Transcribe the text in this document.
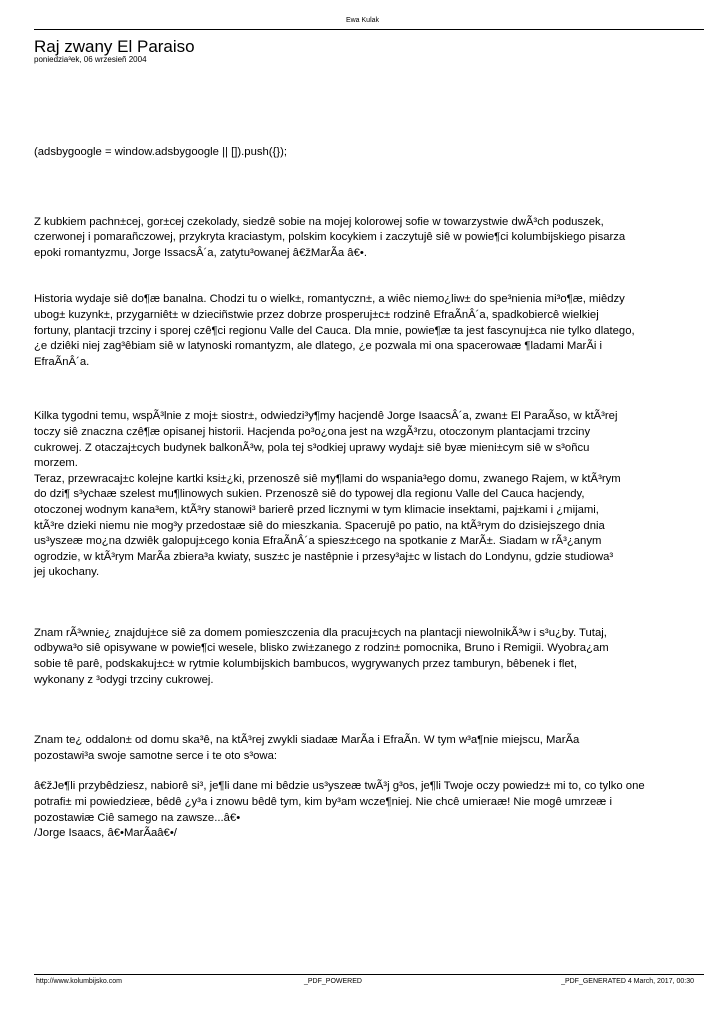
Ewa Kulak
Raj zwany El Paraiso
poniedzia³ek, 06 wrzesieñ 2004

(adsbygoogle = window.adsbygoogle || []).push({});

Z kubkiem pachn±cej, gor±cej czekolady, siedzê sobie na mojej kolorowej sofie w towarzystwie dwÃ³ch poduszek,
czerwonej i pomarañczowej, przykryta kraciastym, polskim kocykiem i zaczytujê siê w powie¶ci kolumbijskiego pisarza
epoki romantyzmu, Jorge IssacsÂ´a, zatytu³owanej â€žMarÃa â€•.

Historia wydaje siê do¶æ banalna. Chodzi tu o wielk±, romantyczn±, a wiêc niemo¿liw± do spe³nienia mi³o¶æ, miêdzy
ubog± kuzynk±, przygarniêt± w dzieciñstwie przez dobrze prosperuj±c± rodzinê EfraÃnÂ´a, spadkobiercê wielkiej
fortuny, plantacji trzciny i sporej czê¶ci regionu Valle del Cauca. Dla mnie, powie¶æ ta jest fascynuj±ca nie tylko dlatego,
¿e dziêki niej zag³êbiam siê w latynoski romantyzm, ale dlatego, ¿e pozwala mi ona spacerowaæ ¶ladami MarÃi i
EfraÃnÂ´a.

Kilka tygodni temu, wspÃ³lnie z moj± siostr±, odwiedzi³y¶my hacjendê Jorge IsaacsÂ´a, zwan± El ParaÃso, w ktÃ³rej
toczy siê znaczna czê¶æ opisanej historii. Hacjenda po³o¿ona jest na wzgÃ³rzu, otoczonym plantacjami trzciny
cukrowej. Z otaczaj±cych budynek balkonÃ³w, pola tej s³odkiej uprawy wydaj± siê byæ mieni±cym siê w s³oñcu
morzem.
Teraz, przewracaj±c kolejne kartki ksi±¿ki, przenoszê siê my¶lami do wspania³ego domu, zwanego Rajem, w ktÃ³rym
do dzi¶ s³ychaæ szelest mu¶linowych sukien. Przenoszê siê do typowej dla regionu Valle del Cauca hacjendy,
otoczonej wodnym kana³em, ktÃ³ry stanowi³ barierê przed licznymi w tym klimacie insektami, paj±kami i ¿mijami,
ktÃ³re dzieki niemu nie mog³y przedostaæ siê do mieszkania. Spacerujê po patio, na ktÃ³rym do dzisiejszego dnia
us³yszeæ mo¿na dzwiêk galopuj±cego konia EfraÃnÂ´a spiesz±cego na spotkanie z MarÃ±. Siadam w rÃ³¿anym
ogrodzie, w ktÃ³rym MarÃa zbiera³a kwiaty, susz±c je nastêpnie i przesy³aj±c w listach do Londynu, gdzie studiowa³
jej ukochany.

Znam rÃ³wnie¿ znajduj±ce siê za domem pomieszczenia dla pracuj±cych na plantacji niewolnikÃ³w i s³u¿by. Tutaj,
odbywa³o siê opisywane w powie¶ci wesele, blisko zwi±zanego z rodzin± pomocnika, Bruno i Remigii. Wyobra¿am
sobie tê parê, podskakuj±c± w rytmie kolumbijskich bambucos, wygrywanych przez tamburyn, bêbenek i flet,
wykonany z ³odygi trzciny cukrowej.

Znam te¿ oddalon± od domu ska³ê, na ktÃ³rej zwykli siadaæ MarÃa i EfraÃn. W tym w³a¶nie miejscu, MarÃa
pozostawi³a swoje samotne serce i te oto s³owa:

â€žJe¶li przybêdziesz, nabiorê si³, je¶li dane mi bêdzie us³yszeæ twÃ³j g³os, je¶li Twoje oczy powiedz± mi to, co tylko one
potrafi± mi powiedzieæ, bêdê ¿y³a i znowu bêdê tym, kim by³am wcze¶niej. Nie chcê umieraæ! Nie mogê umrzeæ i
pozostawiæ Ciê samego na zawsze...â€•
/Jorge Isaacs, â€•MarÃaâ€•/

http://www.kolumbijsko.com	_PDF_POWERED	_PDF_GENERATED 4 March, 2017, 00:30
